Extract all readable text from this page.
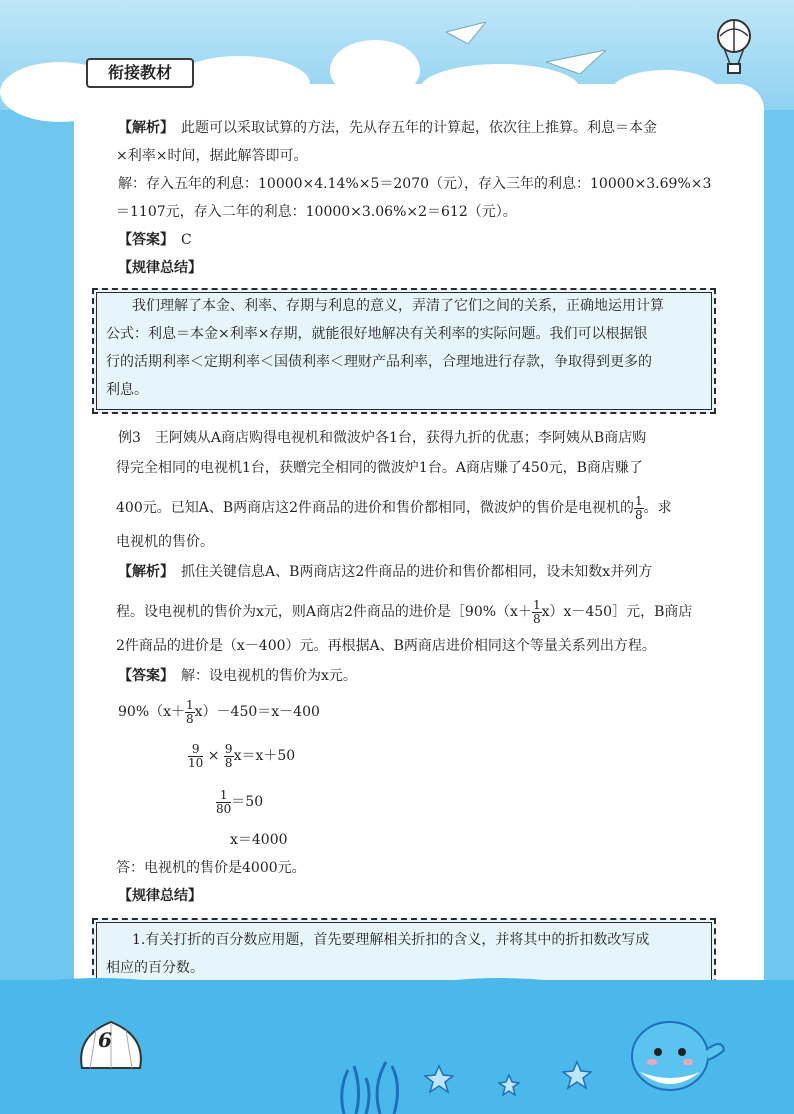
衔接教材
【解析】　 此题可以采取试算的方法，先从存五年的计算起，依次往上推算。利息＝本金
×利率×时间，据此解答即可。
解：存入五年的利息：10000×4.14%×5＝2070（元），存入三年的利息：10000×3.69%×3
＝1107元，存入二年的利息：10000×3.06%×2＝612（元）。
【答案】　 C
【规律总结】
我们理解了本金、利率、存期与利息的意义，弄清了它们之间的关系，正确地运用计算
公式：利息＝本金×利率×存期，就能很好地解决有关利率的实际问题。我们可以根据银
行的活期利率＜定期利率＜国债利率＜理财产品利率，合理地进行存款，争取得到更多的
利息。
例3　王阿姨从A商店购得电视机和微波炉各1台，获得九折的优惠；李阿姨从B商店购
得完全相同的电视机1台，获赠完全相同的微波炉1台。A商店赚了450元，B商店赚了
400元。已知A、B两商店这2件商品的进价和售价都相同，微波炉的售价是电视机的 $\frac{1}{8}$ 。求
电视机的售价。
【解析】　 抓住关键信息A、B两商店这2件商品的进价和售价都相同，设未知数x并列方
程。设电视机的售价为x元，则A商店2件商品的进价是［90%（x＋ $\frac{1}{8}$ x）x－450］元，B商店
2件商品的进价是（x－400）元。再根据A、B两商店进价相同这个等量关系列出方程。
【答案】　 解：设电视机的售价为x元。
$90\%(x+ \frac{1}{8} x)-450=x-400$
$\frac{9}{10} \times \frac{9}{8} x=x+50$
$\frac{1}{80} =50$
x＝4000
答：电视机的售价是4000元。
【规律总结】
1.有关打折的百分数应用题，首先要理解相关折扣的含义，并将其中的折扣数改写成
相应的百分数。
6
